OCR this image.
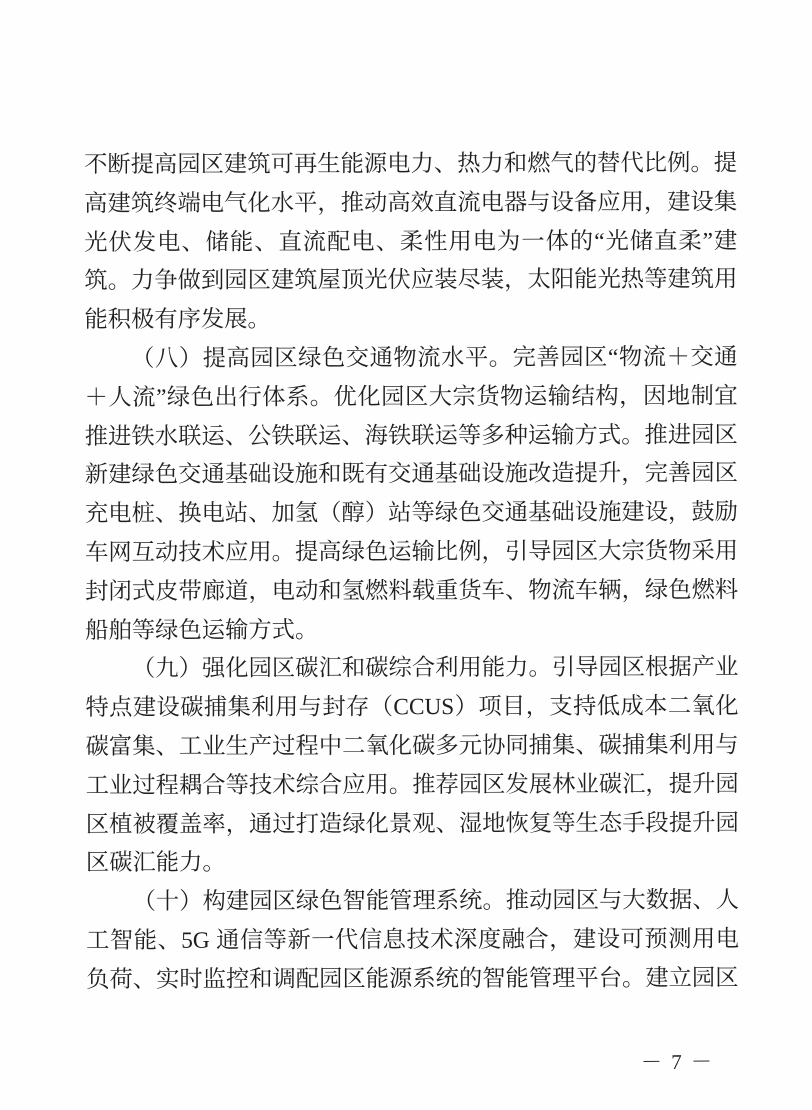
不断提高园区建筑可再生能源电力、热力和燃气的替代比例。提高建筑终端电气化水平，推动高效直流电器与设备应用，建设集光伏发电、储能、直流配电、柔性用电为一体的“光储直柔”建筑。力争做到园区建筑屋顶光伏应装尽装，太阳能光热等建筑用能积极有序发展。

（八）提高园区绿色交通物流水平。完善园区“物流＋交通＋人流”绿色出行体系。优化园区大宗货物运输结构，因地制宜推进铁水联运、公铁联运、海铁联运等多种运输方式。推进园区新建绿色交通基础设施和既有交通基础设施改造提升，完善园区充电桩、换电站、加氢（醇）站等绿色交通基础设施建设，鼓励车网互动技术应用。提高绿色运输比例，引导园区大宗货物采用封闭式皮带廊道，电动和氢燃料载重货车、物流车辆，绿色燃料船舶等绿色运输方式。

（九）强化园区碳汇和碳综合利用能力。引导园区根据产业特点建设碳捕集利用与封存（CCUS）项目，支持低成本二氧化碳富集、工业生产过程中二氧化碳多元协同捕集、碳捕集利用与工业过程耦合等技术综合应用。推荐园区发展林业碳汇，提升园区植被覆盖率，通过打造绿化景观、湿地恢复等生态手段提升园区碳汇能力。

（十）构建园区绿色智能管理系统。推动园区与大数据、人工智能、5G 通信等新一代信息技术深度融合，建设可预测用电负荷、实时监控和调配园区能源系统的智能管理平台。建立园区

－ 7 －
